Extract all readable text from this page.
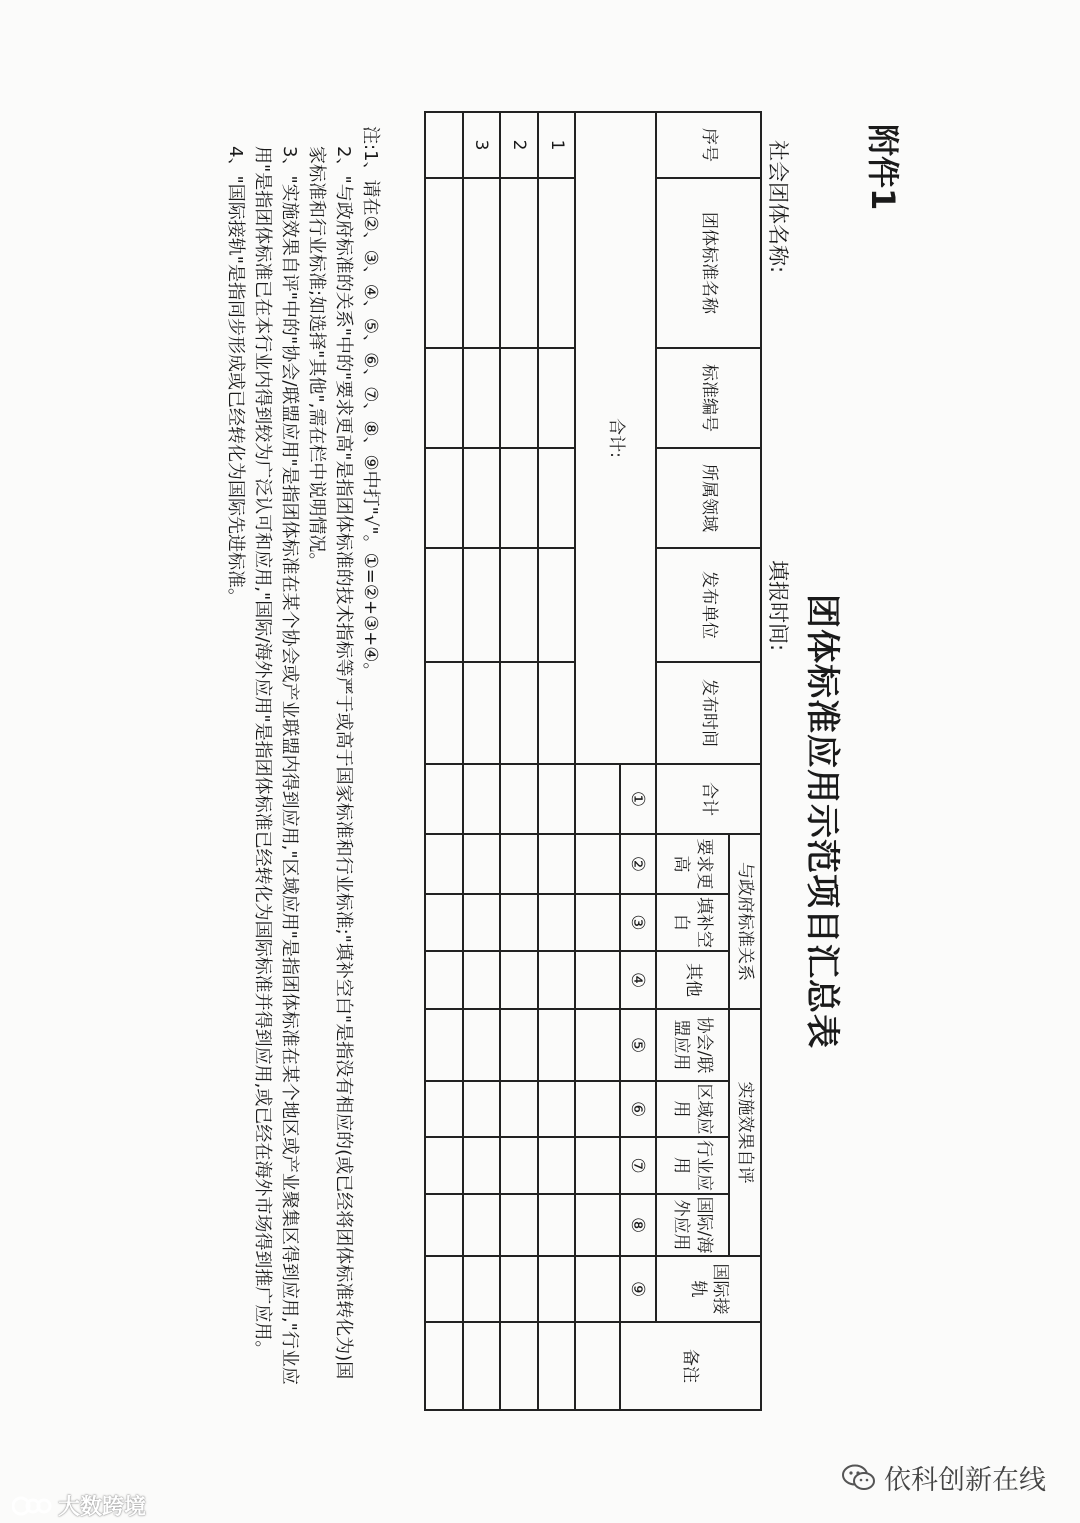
附件1
团体标准应用示范项目汇总表
社会团体名称:
填报时间:
序号	团体标准名称	标准编号	所属领域	发布单位	发布时间	合计	与政府标准关系			实施效果自评				国际接轨	备注
							要求更高	填补空白	其他	协会/联盟应用	区域应用	行业应用	国际/海外应用		
合计:						①	②	③	④	⑤	⑥	⑦	⑧	⑨	

1															
2															
3															

注:1、请在②、③、④、⑤、⑥、⑦、⑧、⑨中打"√"。①=②+③+④。

2、"与政府标准的关系"中的"要求更高"是指团体标准的技术指标等严于或高于国家标准和行业标准;"填补空白"是指没有相应的(或已经将团体标准转化为)国家标准和行业标准;如选择"其他",需在栏中说明情况。

3、"实施效果自评"中的"协会/联盟应用"是指团体标准在某个协会或产业联盟内得到应用,"区域应用"是指团体标准在某个地区或产业聚集区得到应用,"行业应用"是指团体标准已在本行业内得到较为广泛认可和应用,"国际/海外应用"是指团体标准已经转化为国际标准并得到应用,或已经在海外市场得到推广应用。

4、"国际接轨"是指同步形成或已经转化为国际先进标准。

依科创新在线
大数跨境
